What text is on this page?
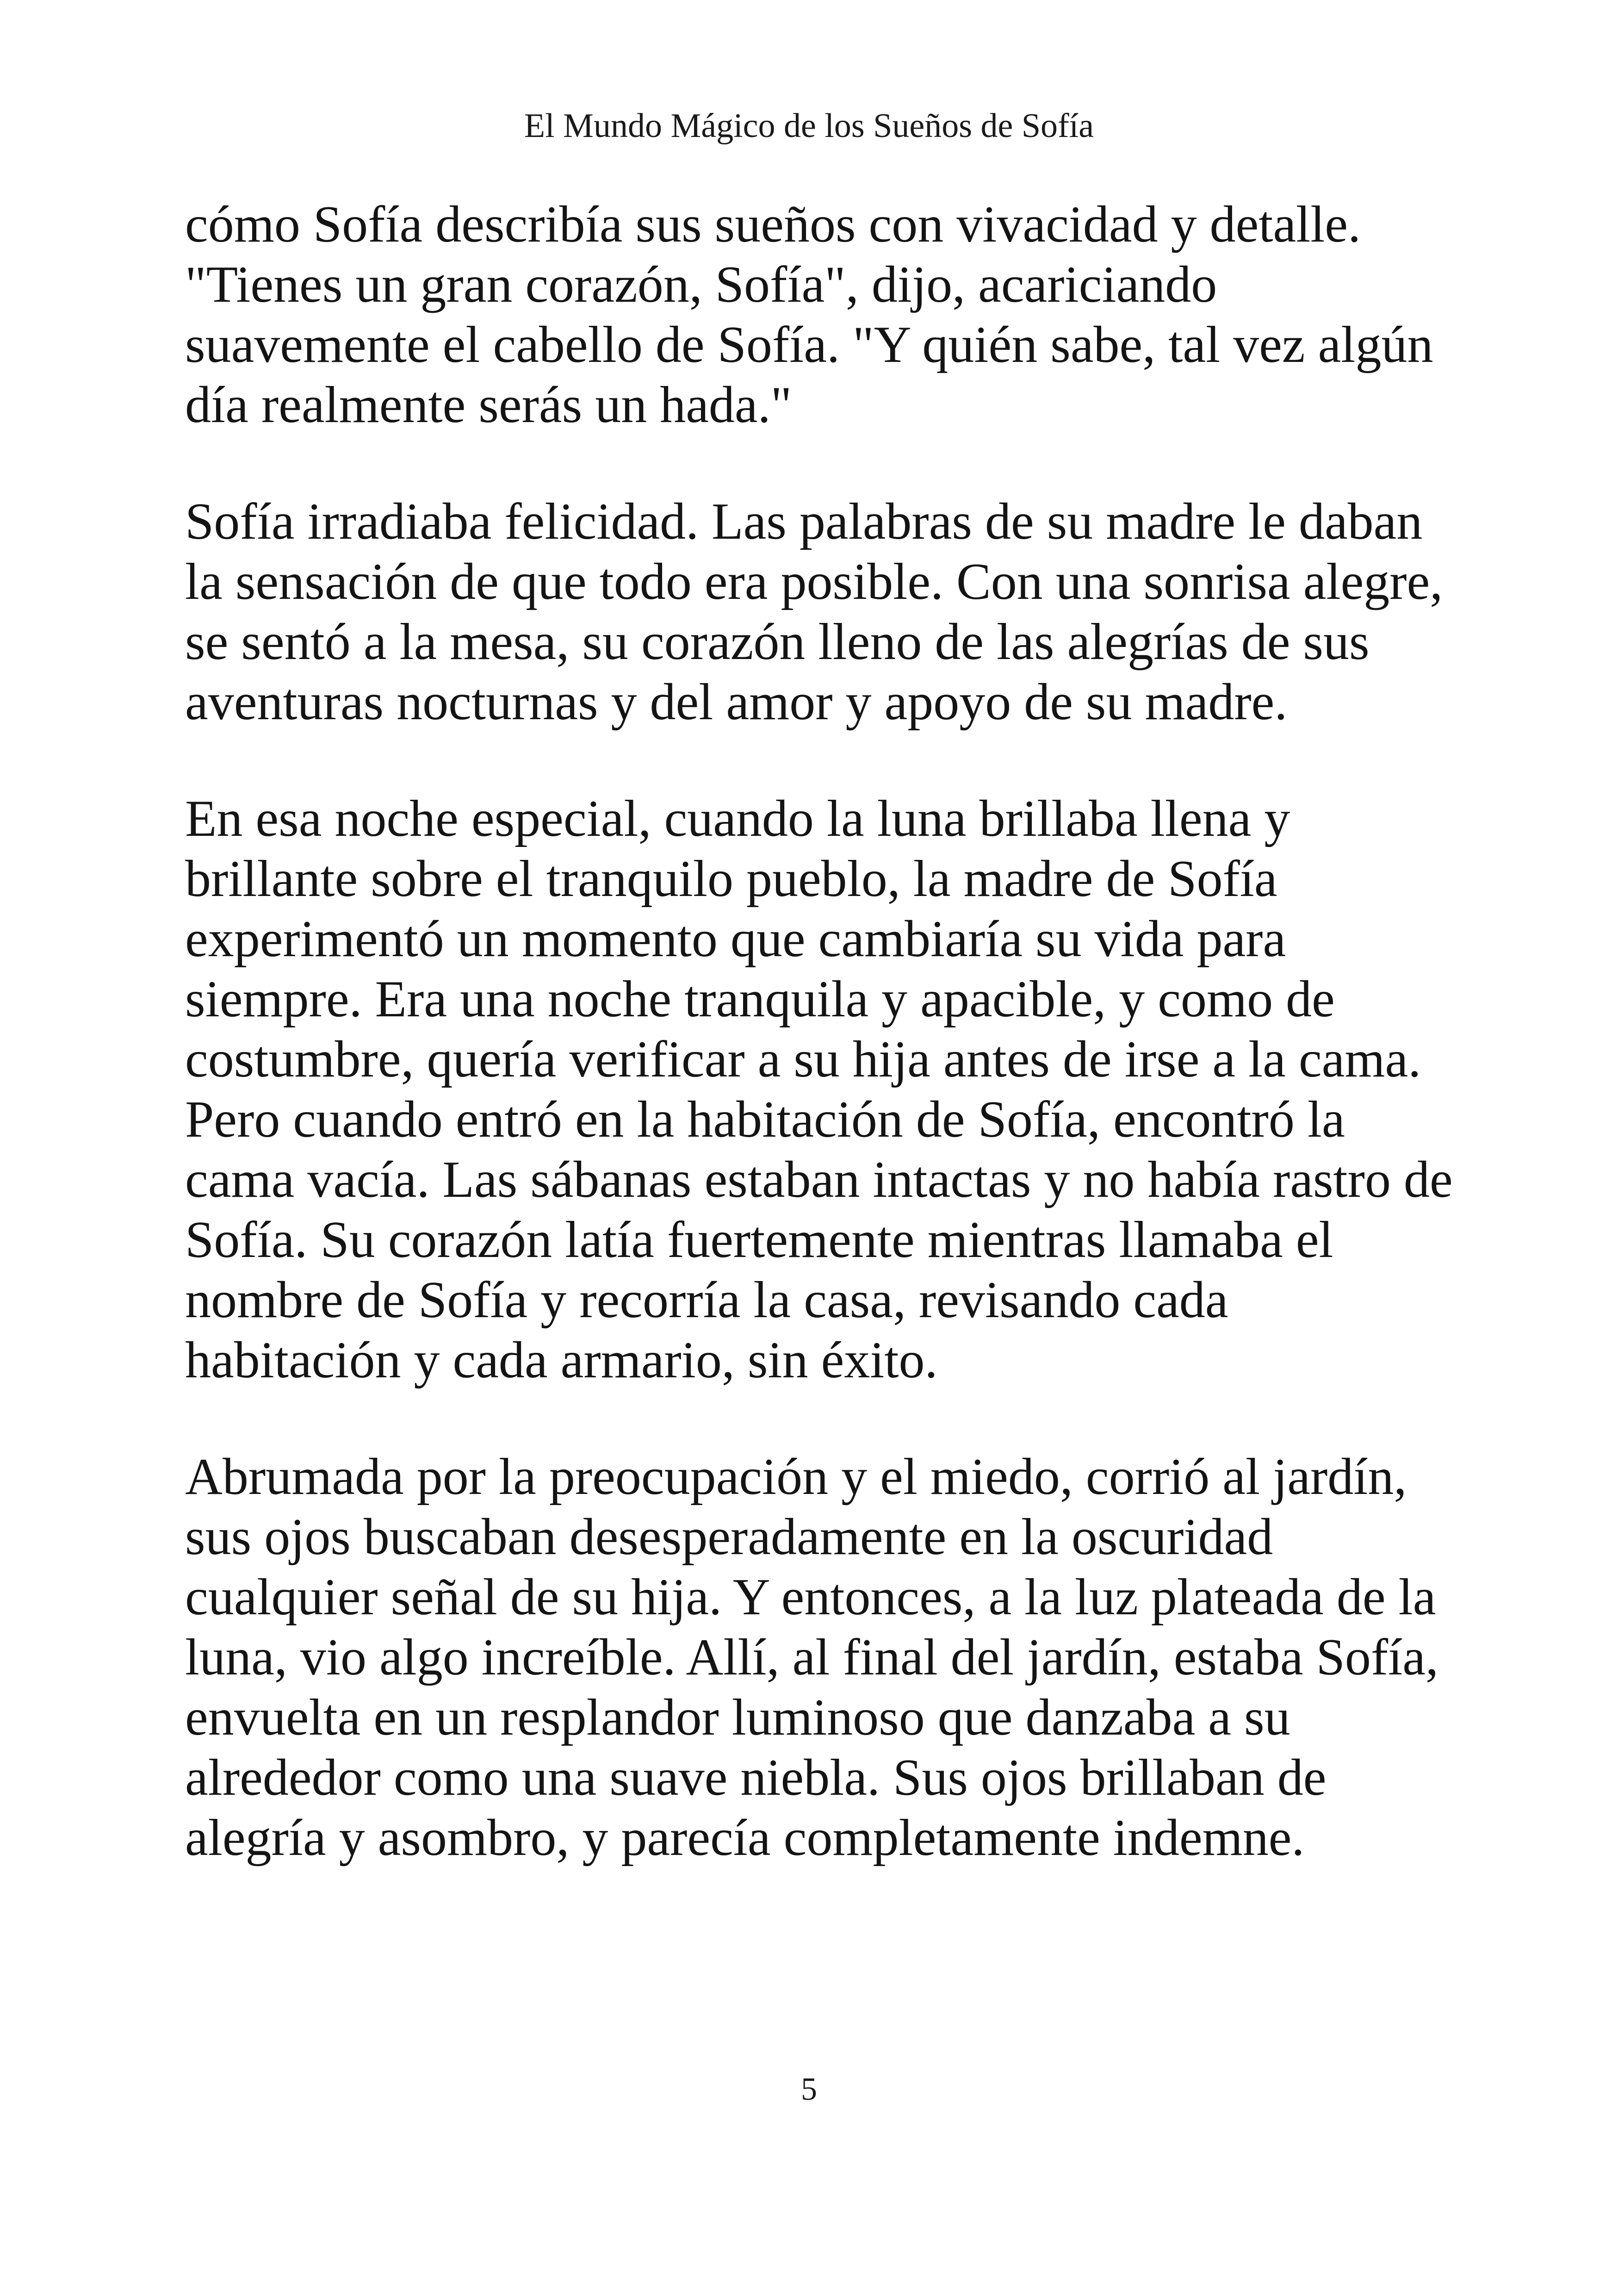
El Mundo Mágico de los Sueños de Sofía

cómo Sofía describía sus sueños con vivacidad y detalle.
"Tienes un gran corazón, Sofía", dijo, acariciando
suavemente el cabello de Sofía. "Y quién sabe, tal vez algún
día realmente serás un hada."

Sofía irradiaba felicidad. Las palabras de su madre le daban
la sensación de que todo era posible. Con una sonrisa alegre,
se sentó a la mesa, su corazón lleno de las alegrías de sus
aventuras nocturnas y del amor y apoyo de su madre.

En esa noche especial, cuando la luna brillaba llena y
brillante sobre el tranquilo pueblo, la madre de Sofía
experimentó un momento que cambiaría su vida para
siempre. Era una noche tranquila y apacible, y como de
costumbre, quería verificar a su hija antes de irse a la cama.
Pero cuando entró en la habitación de Sofía, encontró la
cama vacía. Las sábanas estaban intactas y no había rastro de
Sofía. Su corazón latía fuertemente mientras llamaba el
nombre de Sofía y recorría la casa, revisando cada
habitación y cada armario, sin éxito.

Abrumada por la preocupación y el miedo, corrió al jardín,
sus ojos buscaban desesperadamente en la oscuridad
cualquier señal de su hija. Y entonces, a la luz plateada de la
luna, vio algo increíble. Allí, al final del jardín, estaba Sofía,
envuelta en un resplandor luminoso que danzaba a su
alrededor como una suave niebla. Sus ojos brillaban de
alegría y asombro, y parecía completamente indemne.

5
